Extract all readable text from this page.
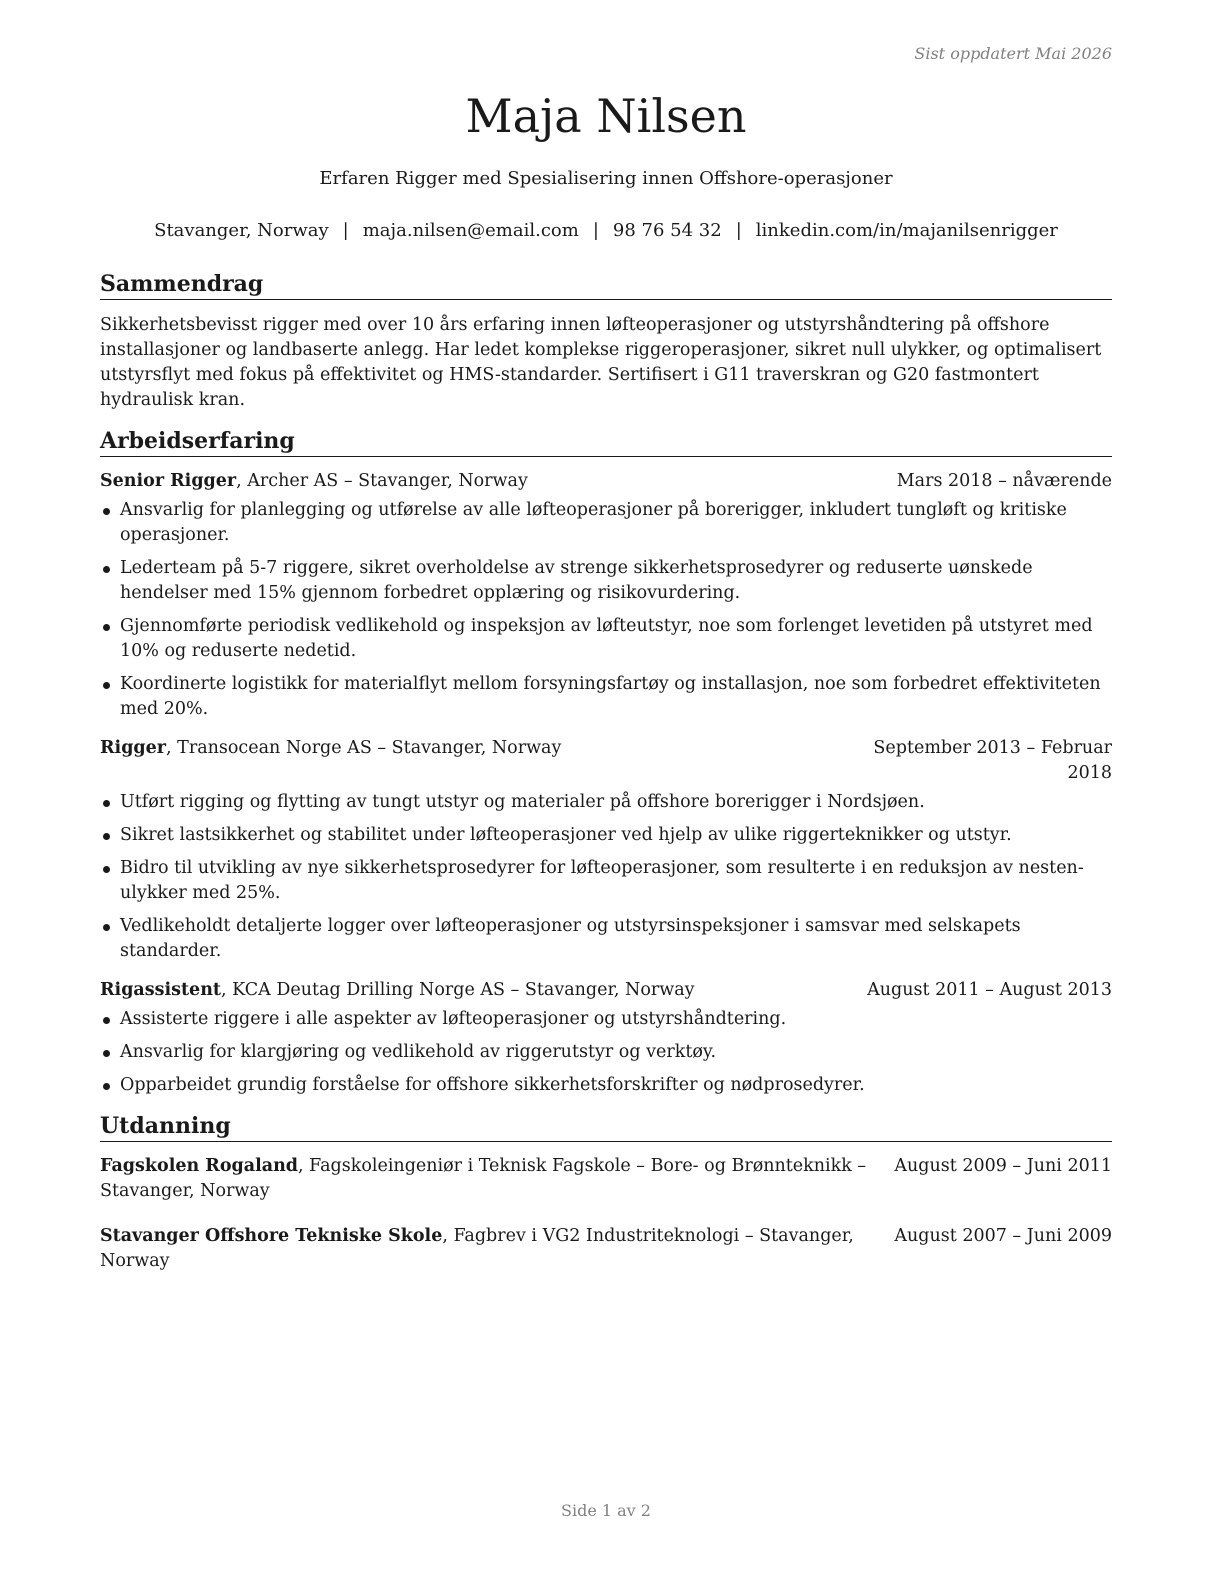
Sist oppdatert Mai 2026
Maja Nilsen
Erfaren Rigger med Spesialisering innen Offshore-operasjoner
Stavanger, Norway | maja.nilsen@email.com | 98 76 54 32 | linkedin.com/in/majanilsenrigger
Sammendrag

Sikkerhetsbevisst rigger med over 10 års erfaring innen løfteoperasjoner og utstyrshåndtering på offshore installasjoner og landbaserte anlegg. Har ledet komplekse riggeroperasjoner, sikret null ulykker, og optimalisert utstyrsflyt med fokus på effektivitet og HMS-standarder. Sertifisert i G11 traverskran og G20 fastmontert hydraulisk kran.

Arbeidserfaring
Senior Rigger, Archer AS – Stavanger, Norway	Mars 2018 – nåværende
Ansvarlig for planlegging og utførelse av alle løfteoperasjoner på borerigger, inkludert tungløft og kritiske operasjoner.
Lederteam på 5-7 riggere, sikret overholdelse av strenge sikkerhetsprosedyrer og reduserte uønskede hendelser med 15% gjennom forbedret opplæring og risikovurdering.
Gjennomførte periodisk vedlikehold og inspeksjon av løfteutstyr, noe som forlenget levetiden på utstyret med 10% og reduserte nedetid.
Koordinerte logistikk for materialflyt mellom forsyningsfartøy og installasjon, noe som forbedret effektiviteten med 20%.
Rigger, Transocean Norge AS – Stavanger, Norway	September 2013 – Februar 2018
Utført rigging og flytting av tungt utstyr og materialer på offshore borerigger i Nordsjøen.
Sikret lastsikkerhet og stabilitet under løfteoperasjoner ved hjelp av ulike riggerteknikker og utstyr.
Bidro til utvikling av nye sikkerhetsprosedyrer for løfteoperasjoner, som resulterte i en reduksjon av nesten-ulykker med 25%.
Vedlikeholdt detaljerte logger over løfteoperasjoner og utstyrsinspeksjoner i samsvar med selskapets standarder.
Rigassistent, KCA Deutag Drilling Norge AS – Stavanger, Norway	August 2011 – August 2013
Assisterte riggere i alle aspekter av løfteoperasjoner og utstyrshåndtering.
Ansvarlig for klargjøring og vedlikehold av riggerutstyr og verktøy.
Opparbeidet grundig forståelse for offshore sikkerhetsforskrifter og nødprosedyrer.
Utdanning
Fagskolen Rogaland, Fagskoleingeniør i Teknisk Fagskole – Bore- og Brønnteknikk – Stavanger, Norway
August 2009 – Juni 2011
Stavanger Offshore Tekniske Skole, Fagbrev i VG2 Industriteknologi – Stavanger, Norway
August 2007 – Juni 2009
Side 1 av 2
